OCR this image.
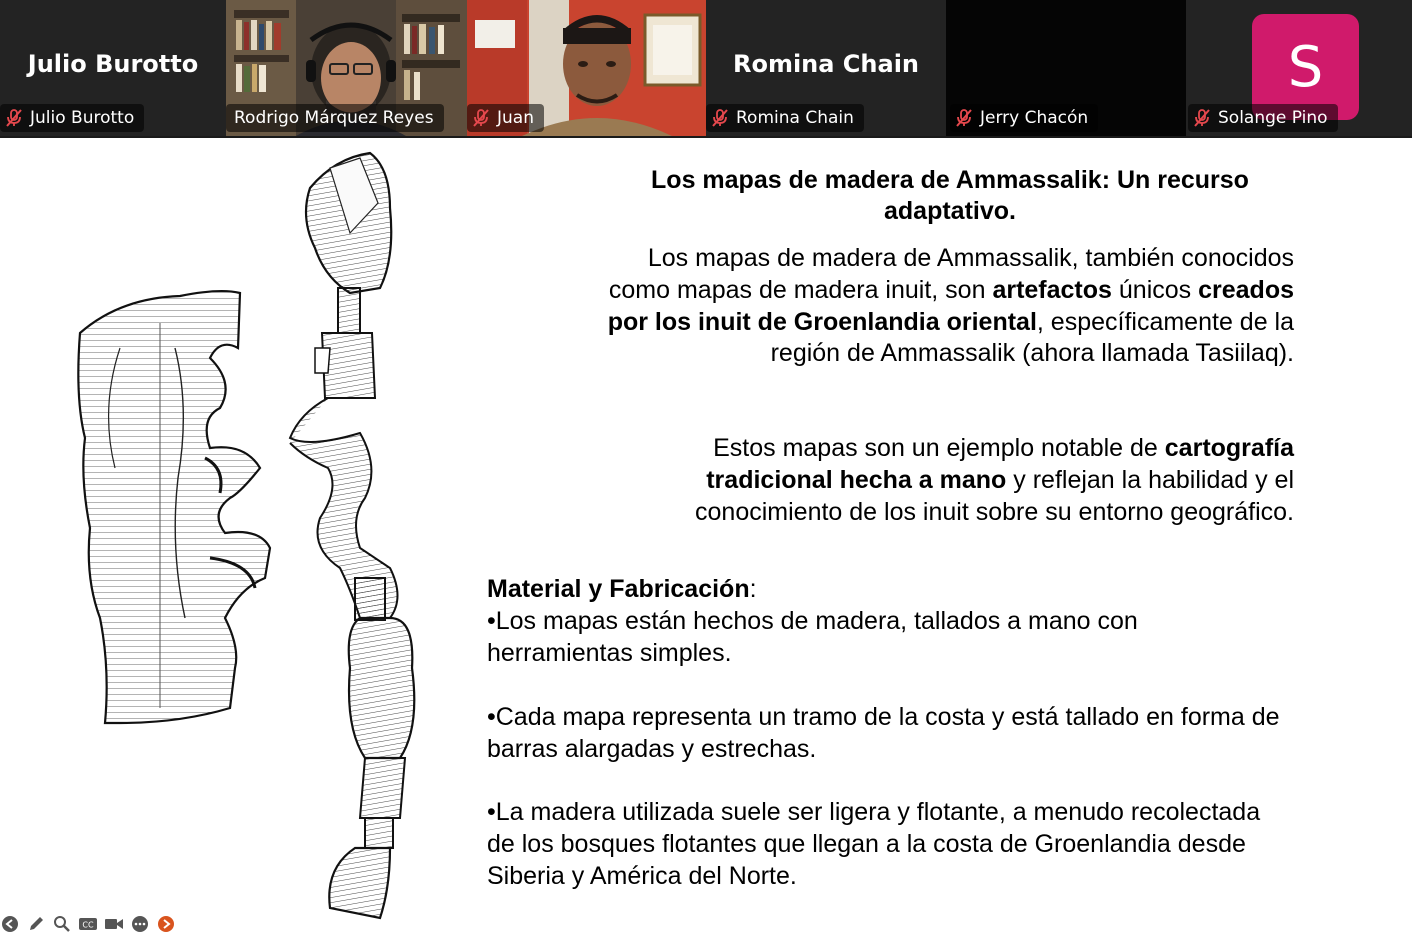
Julio Burotto
Julio Burotto	Rodrigo Márquez Reyes	Juan
Romina Chain
Romina Chain	Jerry Chacón
S
Solange Pino
Los mapas de madera de Ammassalik: Un recurso adaptativo.
Los mapas de madera de Ammassalik, también conocidos como mapas de madera inuit, son artefactos únicos creados por los inuit de Groenlandia oriental, específicamente de la región de Ammassalik (ahora llamada Tasiilaq).
Estos mapas son un ejemplo notable de cartografía tradicional hecha a mano y reflejan la habilidad y el conocimiento de los inuit sobre su entorno geográfico.
Material y Fabricación:
•Los mapas están hechos de madera, tallados a mano con herramientas simples.
•Cada mapa representa un tramo de la costa y está tallado en forma de barras alargadas y estrechas.
•La madera utilizada suele ser ligera y flotante, a menudo recolectada de los bosques flotantes que llegan a la costa de Groenlandia desde Siberia y América del Norte.
CC
